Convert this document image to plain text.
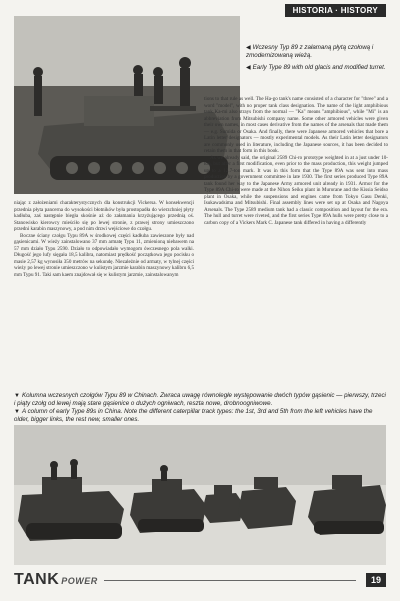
HISTORIA · HISTORY
◀ Wczesny Typ 89 z załamaną płytą czołową i zmodernizowaną wieżą.
◀ Early Type 89 with old glacis and modified turret.

niając z założeniami charakterystycznych dla konstrukcji Vickersa. W konsekwencji przednia płyta pancerna do wysokości błotników była prostopadła do wierzchniej płyty kadłuba, zaś następnie biegła skośnie aż do załamania krzyżującego przednią oś. Stanowisko kierowcy mieściło się po lewej stronie, z prawej strony umieszczono przedni karabin maszynowy, a pod nim drzwi wejściowe do czołgu.

Boczne ściany czołgu Typu 89A w środkowej części kadłuba zawieszone były nad gąsienicami. W wieży zainstalowano 37 mm armatę Typu 11, zmienioną niebawem na 57 mm działo Typu 2590. Działo to odpowiadało wymogom ówczesnego pola walki. Długość jego lufy sięgała 18,5 kalibra, natomiast prędkość początkowa jego pocisku o masie 2,57 kg wynosiła 350 metrów na sekundę. Niezależnie od armaty, w tylnej części wieży po lewej stronie umieszczono w kulistym jarzmie karabin maszynowy kalibru 6,5 mm Typu 91. Taki sam kaem znajdował się w kulistym jarzmie, zainstalowanym

tions to that rule as well. The Ha-go tank's name consisted of a character for "three" and a word "model", with no proper tank class designation. The name of the light amphibious tank Ka-mi also strays from the normal — "Ka" means "amphibious", while "Mi" is an abbreviation from Mitsubishi company name. Some other armored vehicles were given their own names, in most cases derivative from the names of the arsenals that made them — e.g. Sumida or Osaka. And finally, there were Japanese armored vehicles that bore a Latin letter designators — mostly experimental models. As their Latin letter designators are commonly used in literature, including the Japanese sources, it has been decided to retain them in that form in this book.

As we already said, the original 2589 Chi-ro prototype weighted in at a just under 10-ton, but after a first modification, even prior to the mass production, this weight jumped up to a 12.7-ton mark. It was in this form that the Type 89A was sent into mass production by a government committee in late 1930. The first series produced Type 89A tank found her way to the Japanese Army armored unit already in 1931. Armor for the Type 89A Chi-ro were made at the Nihon Seiku plant in Muroranе and the Kissia Seidso plant in Osaka, while the suspensions and engines came from Tokyo Gasu Denki, Isukawadsima and Mitsubishi. Final assembly lines were set up at Osaka and Nagoya Arsenals. The Type 2589 medium tank had a classic composition and layout for the era. The hull and turret were riveted, and the first series Type 89A hulls were pretty close to a carbon copy of a Vickers Mark C. Japanese tank differed in having a differently

▼ Kolumna wczesnych czołgów Typu 89 w Chinach. Zwraca uwagę równoległe występowanie dwóch typów gąsienic — pierwszy, trzeci i piąty czołg od lewej mają stare gąsienice o dużych ogniwach, reszta nowe, drobnoogniwowe.
▼ A column of early Type 89s in China. Note the different caterpillar track types: the 1st, 3rd and 5th from the left vehicles have the older, bigger links, the rest new, smaller ones.
TANK POWER	19
